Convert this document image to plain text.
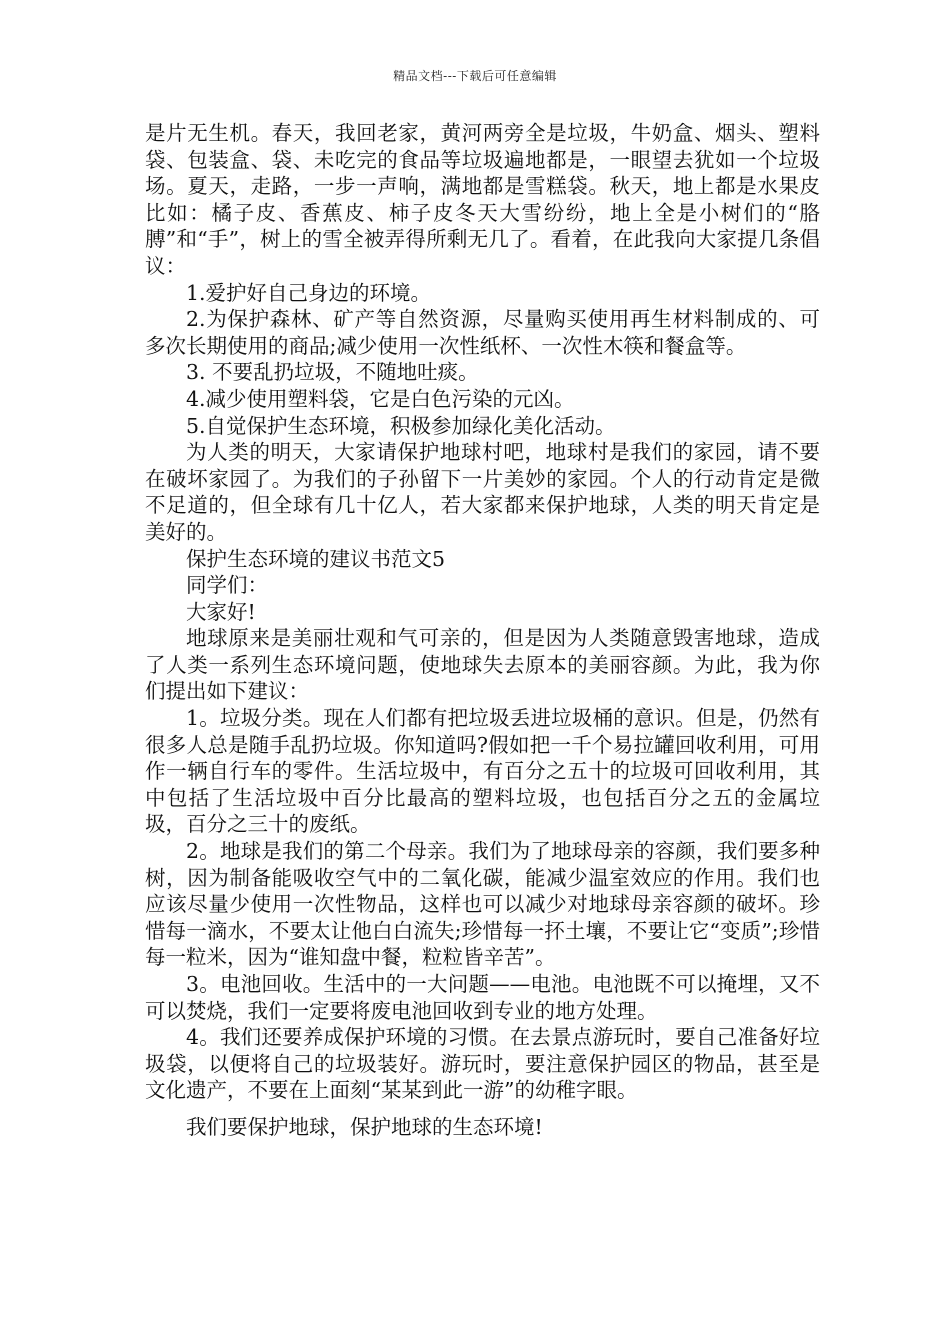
精品文档---下载后可任意编辑

是片无生机。春天，我回老家，黄河两旁全是垃圾，牛奶盒、烟头、塑料袋、包装盒、袋、未吃完的食品等垃圾遍地都是，一眼望去犹如一个垃圾场。夏天，走路，一步一声响，满地都是雪糕袋。秋天，地上都是水果皮比如：橘子皮、香蕉皮、柿子皮冬天大雪纷纷，地上全是小树们的“胳膊”和“手”，树上的雪全被弄得所剩无几了。看着，在此我向大家提几条倡议：

1.爱护好自己身边的环境。

2.为保护森林、矿产等自然资源，尽量购买使用再生材料制成的、可多次长期使用的商品;减少使用一次性纸杯、一次性木筷和餐盒等。

3. 不要乱扔垃圾，不随地吐痰。

4.减少使用塑料袋，它是白色污染的元凶。

5.自觉保护生态环境，积极参加绿化美化活动。

为人类的明天，大家请保护地球村吧，地球村是我们的家园，请不要在破坏家园了。为我们的子孙留下一片美妙的家园。个人的行动肯定是微不足道的，但全球有几十亿人，若大家都来保护地球，人类的明天肯定是美好的。

保护生态环境的建议书范文5

同学们：

大家好!

地球原来是美丽壮观和气可亲的，但是因为人类随意毁害地球，造成了人类一系列生态环境问题，使地球失去原本的美丽容颜。为此，我为你们提出如下建议：

1。垃圾分类。现在人们都有把垃圾丢进垃圾桶的意识。但是，仍然有很多人总是随手乱扔垃圾。你知道吗?假如把一千个易拉罐回收利用，可用作一辆自行车的零件。生活垃圾中，有百分之五十的垃圾可回收利用，其中包括了生活垃圾中百分比最高的塑料垃圾，也包括百分之五的金属垃圾，百分之三十的废纸。

2。地球是我们的第二个母亲。我们为了地球母亲的容颜，我们要多种树，因为制备能吸收空气中的二氧化碳，能减少温室效应的作用。我们也应该尽量少使用一次性物品，这样也可以减少对地球母亲容颜的破坏。珍惜每一滴水，不要太让他白白流失;珍惜每一抔土壤，不要让它“变质”;珍惜每一粒米，因为“谁知盘中餐，粒粒皆辛苦”。

3。电池回收。生活中的一大问题——电池。电池既不可以掩埋，又不可以焚烧，我们一定要将废电池回收到专业的地方处理。

4。我们还要养成保护环境的习惯。在去景点游玩时，要自己准备好垃圾袋，以便将自己的垃圾装好。游玩时，要注意保护园区的物品，甚至是文化遗产，不要在上面刻“某某到此一游”的幼稚字眼。

我们要保护地球，保护地球的生态环境!
